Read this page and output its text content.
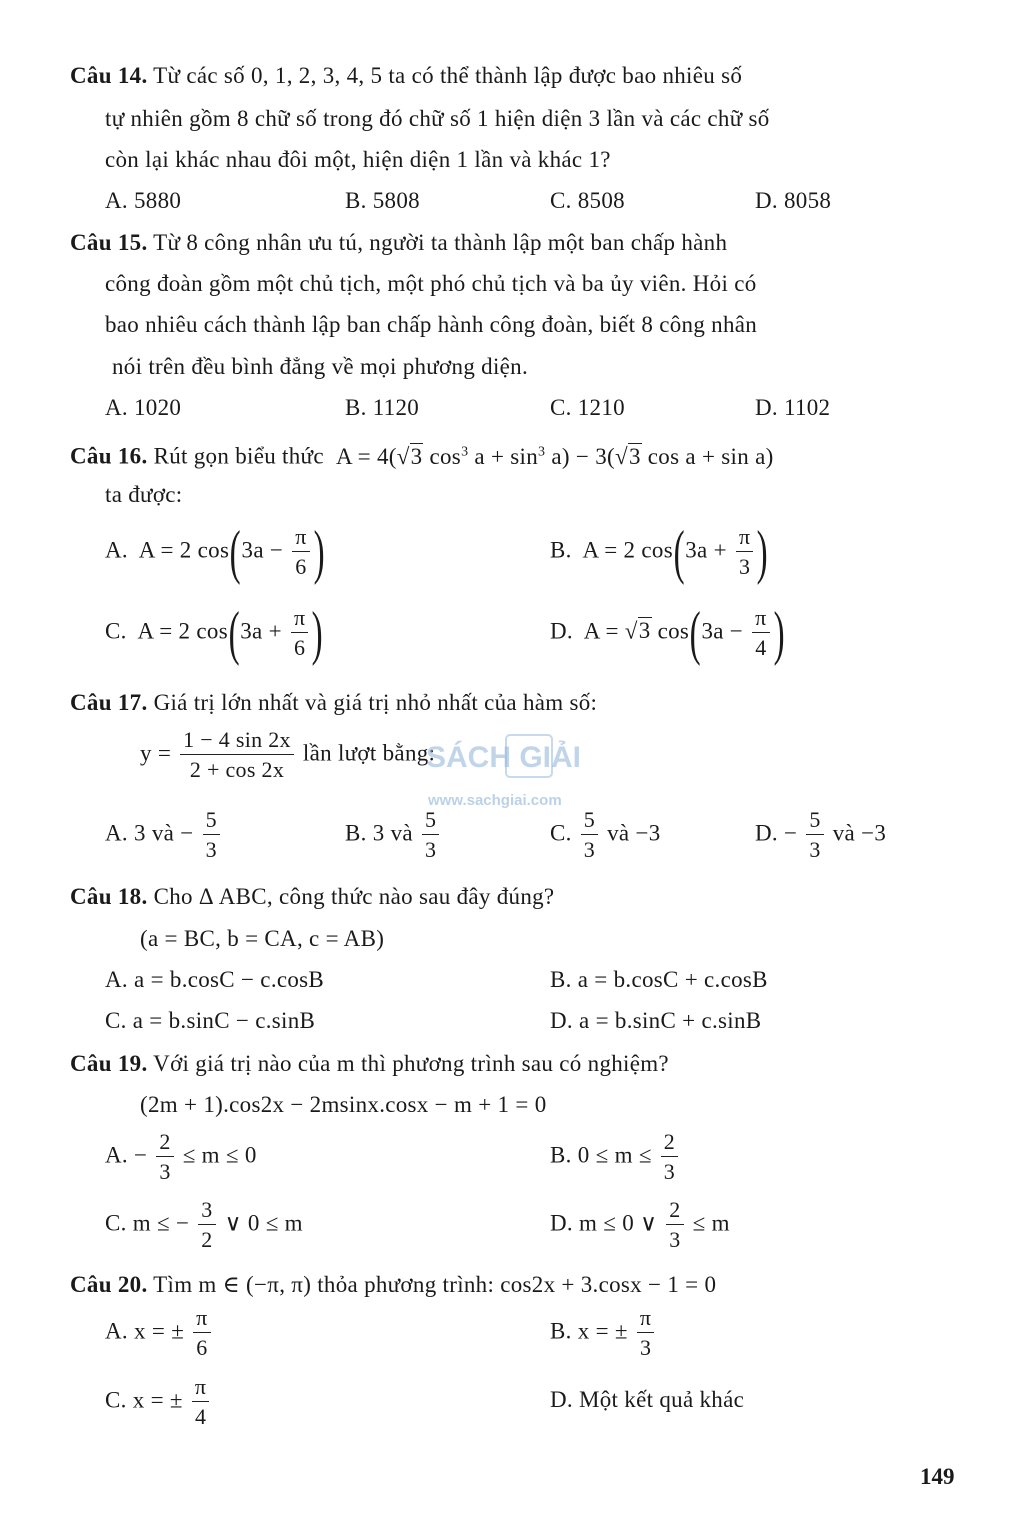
Câu 14. Từ các số 0, 1, 2, 3, 4, 5 ta có thể thành lập được bao nhiêu số
tự nhiên gồm 8 chữ số trong đó chữ số 1 hiện diện 3 lần và các chữ số
còn lại khác nhau đôi một, hiện diện 1 lần và khác 1?
A. 5880	B. 5808	C. 8508	D. 8058
Câu 15. Từ 8 công nhân ưu tú, người ta thành lập một ban chấp hành
công đoàn gồm một chủ tịch, một phó chủ tịch và ba ủy viên. Hỏi có
bao nhiêu cách thành lập ban chấp hành công đoàn, biết 8 công nhân
nói trên đều bình đẳng về mọi phương diện.
A. 1020	B. 1120	C. 1210	D. 1102
Câu 16. Rút gọn biểu thức A = 4(√3 $\cos^3 a + \sin^3 a) - 3(√3$ cos a + sin a)
ta được:
A.  A = 2 $\cos(3a - \frac{\pi}{6}$ )	B.  A = 2 $\cos(3a + \frac{\pi}{3}$ )
C.  A = 2 $\cos(3a + \frac{\pi}{6}$ )	D.  A = √3 $\cos(3a - \frac{\pi}{4}$ )
Câu 17. Giá trị lớn nhất và giá trị nhỏ nhất của hàm số:
$y = \frac{1 - 4 \sin 2x}{2 + \cos 2x}$ lần lượt bằng:
SÁCH GIẢI
www.sachgiai.com
A. 3 và − $\frac{5}{3}$	B. 3 và $\frac{5}{3}$	C. $\frac{5}{3}$ và −3	D. − $\frac{5}{3}$ và −3
Câu 18. Cho Δ ABC, công thức nào sau đây đúng?
(a = BC, b = CA, c = AB)
A. a = b.cosC − c.cosB	B. a = b.cosC + c.cosB
C. a = b.sinC − c.sinB	D. a = b.sinC + c.sinB
Câu 19. Với giá trị nào của m thì phương trình sau có nghiệm?
(2m + 1).cos2x − 2msinx.cosx − m + 1 = 0
A. − $\frac{2}{3} \le m \le 0$	B. $0 \le m \le \frac{2}{3}$
C. m ≤ − $\frac{3}{2}$ ∨ 0 ≤ m	D. m ≤ 0 ∨ $\frac{2}{3} \le m$
Câu 20. Tìm m ∈ (−π, π) thỏa phương trình: cos2x + 3.cosx − 1 = 0
A. x = ± $\frac{\pi}{6}$	B. x = ± $\frac{\pi}{3}$
C. x = ± $\frac{\pi}{4}$	D. Một kết quả khác
149
